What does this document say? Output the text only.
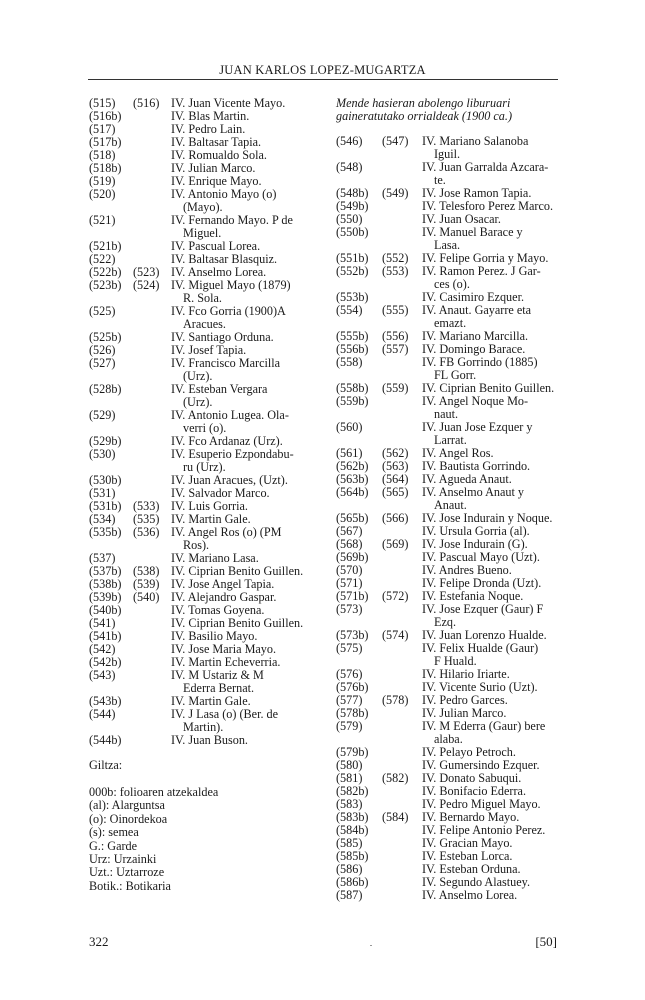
JUAN KARLOS LOPEZ-MUGARTZA
(515) (516) IV. Juan Vicente Mayo.
(516b)	IV. Blas Martin.
(517)	IV. Pedro Lain.
(517b)	IV. Baltasar Tapia.
(518)	IV. Romualdo Sola.
(518b)	IV. Julian Marco.
(519)	IV. Enrique Mayo.
(520)	IV. Antonio Mayo (o)
(Mayo).
(521)	IV. Fernando Mayo. P de
Miguel.
(521b)	IV. Pascual Lorea.
(522)	IV. Baltasar Blasquiz.
(522b) (523) IV. Anselmo Lorea.
(523b) (524) IV. Miguel Mayo (1879)
R. Sola.
(525)	IV. Fco Gorria (1900)A
Aracues.
(525b)	IV. Santiago Orduna.
(526)	IV. Josef Tapia.
(527)	IV. Francisco Marcilla
(Urz).
(528b)	IV. Esteban Vergara
(Urz).
(529)	IV. Antonio Lugea. Ola-
verri (o).
(529b)	IV. Fco Ardanaz (Urz).
(530)	IV. Esuperio Ezpondabu-
ru (Urz).
(530b)	IV. Juan Aracues, (Uzt).
(531)	IV. Salvador Marco.
(531b) (533) IV. Luis Gorria.
(534) (535) IV. Martin Gale.
(535b) (536) IV. Angel Ros (o) (PM
Ros).
(537)	IV. Mariano Lasa.
(537b) (538) IV. Ciprian Benito Guillen.
(538b) (539) IV. Jose Angel Tapia.
(539b) (540) IV. Alejandro Gaspar.
(540b)	IV. Tomas Goyena.
(541)	IV. Ciprian Benito Guillen.
(541b)	IV. Basilio Mayo.
(542)	IV. Jose Maria Mayo.
(542b)	IV. Martin Echeverria.
(543)	IV. M Ustariz & M
Ederra Bernat.
(543b)	IV. Martin Gale.
(544)	IV. J Lasa (o) (Ber. de
Martin).
(544b)	IV. Juan Buson.
Giltza:
000b: folioaren atzekaldea
(al): Alarguntsa
(o): Oinordekoa
(s): semea
G.: Garde
Urz: Urzainki
Uzt.: Uztarroze
Botik.: Botikaria
Mende hasieran abolengo liburuari gaineratutako orrialdeak (1900 ca.)
(546) (547) IV. Mariano Salanoba
Iguil.
(548)	IV. Juan Garralda Azcara-
te.
(548b) (549) IV. Jose Ramon Tapia.
(549b)	IV. Telesforo Perez Marco.
(550)	IV. Juan Osacar.
(550b)	IV. Manuel Barace y
Lasa.
(551b) (552) IV. Felipe Gorria y Mayo.
(552b) (553) IV. Ramon Perez. J Gar-
ces (o).
(553b)	IV. Casimiro Ezquer.
(554) (555) IV. Anaut. Gayarre eta
emazt.
(555b) (556) IV. Mariano Marcilla.
(556b) (557) IV. Domingo Barace.
(558)	IV. FB Gorrindo (1885)
FL Gorr.
(558b) (559) IV. Ciprian Benito Guillen.
(559b)	IV. Angel Noque Mo-
naut.
(560)	IV. Juan Jose Ezquer y
Larrat.
(561) (562) IV. Angel Ros.
(562b) (563) IV. Bautista Gorrindo.
(563b) (564) IV. Agueda Anaut.
(564b) (565) IV. Anselmo Anaut y
Anaut.
(565b) (566) IV. Jose Indurain y Noque.
(567)	IV. Ursula Gorria (al).
(568) (569) IV. Jose Indurain (G).
(569b)	IV. Pascual Mayo (Uzt).
(570)	IV. Andres Bueno.
(571)	IV. Felipe Dronda (Uzt).
(571b) (572) IV. Estefania Noque.
(573)	IV. Jose Ezquer (Gaur) F
Ezq.
(573b) (574) IV. Juan Lorenzo Hualde.
(575)	IV. Felix Hualde (Gaur)
F Huald.
(576)	IV. Hilario Iriarte.
(576b)	IV. Vicente Surio (Uzt).
(577) (578) IV. Pedro Garces.
(578b)	IV. Julian Marco.
(579)	IV. M Ederra (Gaur) bere
alaba.
(579b)	IV. Pelayo Petroch.
(580)	IV. Gumersindo Ezquer.
(581) (582) IV. Donato Sabuqui.
(582b)	IV. Bonifacio Ederra.
(583)	IV. Pedro Miguel Mayo.
(583b) (584) IV. Bernardo Mayo.
(584b)	IV. Felipe Antonio Perez.
(585)	IV. Gracian Mayo.
(585b)	IV. Esteban Lorca.
(586)	IV. Esteban Orduna.
(586b)	IV. Segundo Alastuey.
(587)	IV. Anselmo Lorea.
322	[50]
